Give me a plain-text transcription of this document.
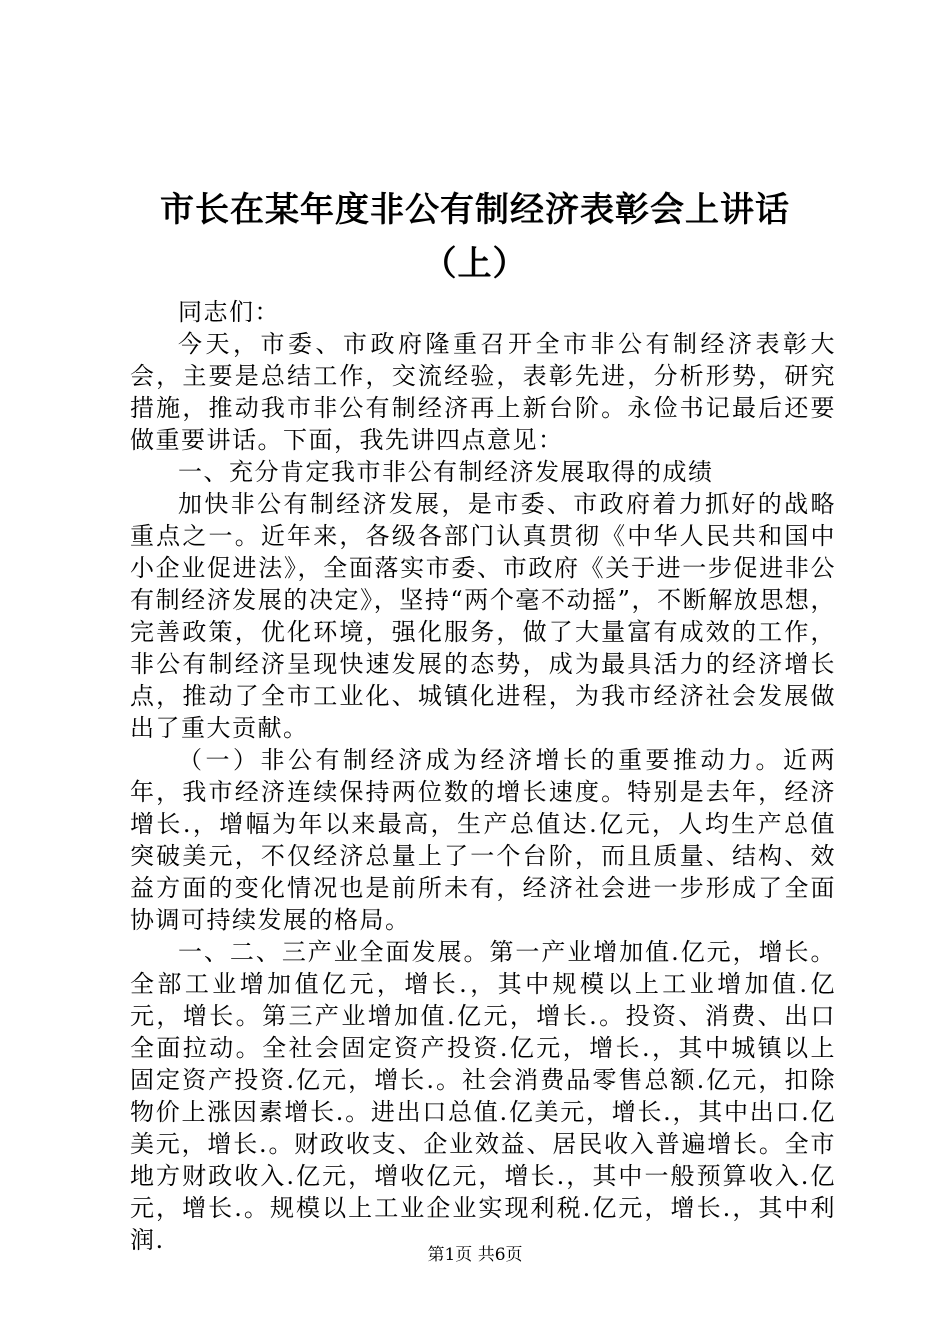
市长在某年度非公有制经济表彰会上讲话
（上）

同志们：

今天，市委、市政府隆重召开全市非公有制经济表彰大会，主要是总结工作，交流经验，表彰先进，分析形势，研究措施，推动我市非公有制经济再上新台阶。永俭书记最后还要做重要讲话。下面，我先讲四点意见：

一、充分肯定我市非公有制经济发展取得的成绩

加快非公有制经济发展，是市委、市政府着力抓好的战略重点之一。近年来，各级各部门认真贯彻《中华人民共和国中小企业促进法》，全面落实市委、市政府《关于进一步促进非公有制经济发展的决定》，坚持“两个毫不动摇”，不断解放思想，完善政策，优化环境，强化服务，做了大量富有成效的工作，非公有制经济呈现快速发展的态势，成为最具活力的经济增长点，推动了全市工业化、城镇化进程，为我市经济社会发展做出了重大贡献。

（一）非公有制经济成为经济增长的重要推动力。近两年，我市经济连续保持两位数的增长速度。特别是去年，经济增长.，增幅为年以来最高，生产总值达.亿元，人均生产总值突破美元，不仅经济总量上了一个台阶，而且质量、结构、效益方面的变化情况也是前所未有，经济社会进一步形成了全面协调可持续发展的格局。

一、二、三产业全面发展。第一产业增加值.亿元，增长。全部工业增加值亿元，增长.，其中规模以上工业增加值.亿元，增长。第三产业增加值.亿元，增长.。投资、消费、出口全面拉动。全社会固定资产投资.亿元，增长.，其中城镇以上固定资产投资.亿元，增长.。社会消费品零售总额.亿元，扣除物价上涨因素增长.。进出口总值.亿美元，增长.，其中出口.亿美元，增长.。财政收支、企业效益、居民收入普遍增长。全市地方财政收入.亿元，增收亿元，增长.，其中一般预算收入.亿元，增长.。规模以上工业企业实现利税.亿元，增长.，其中利润.

第1页 共6页
